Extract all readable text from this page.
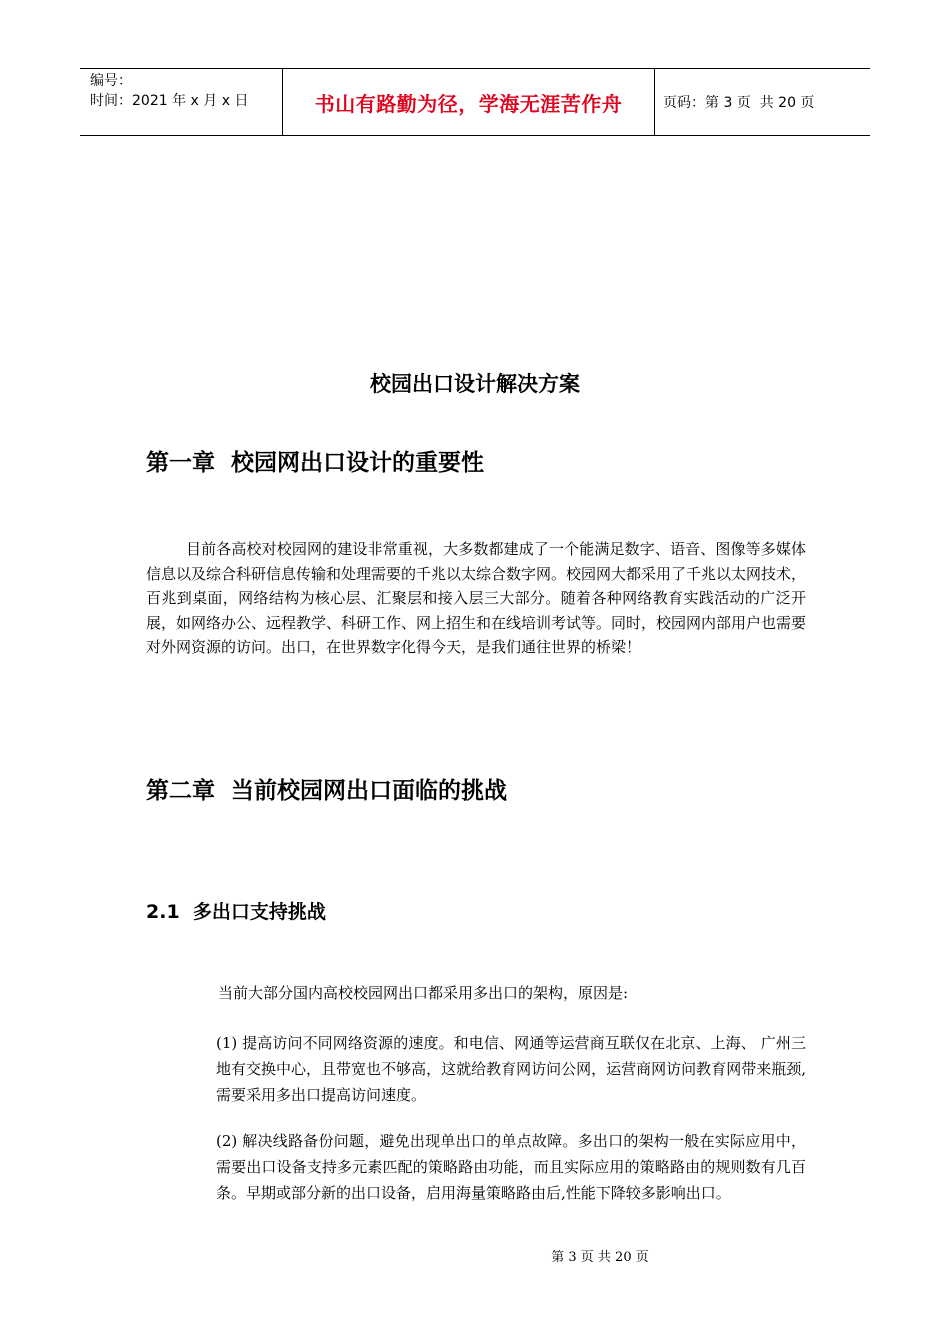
编号：
时间：2021 年 x 月 x 日	书山有路勤为径，学海无涯苦作舟	页码：第 3 页  共 20 页
校园出口设计解决方案
第一章  校园网出口设计的重要性
目前各高校对校园网的建设非常重视，大多数都建成了一个能满足数字、语音、图像等多媒体信息以及综合科研信息传输和处理需要的千兆以太综合数字网。校园网大都采用了千兆以太网技术，百兆到桌面，网络结构为核心层、汇聚层和接入层三大部分。随着各种网络教育实践活动的广泛开展，如网络办公、远程教学、科研工作、网上招生和在线培训考试等。同时，校园网内部用户也需要对外网资源的访问。出口，在世界数字化得今天，是我们通往世界的桥梁！
第二章  当前校园网出口面临的挑战
2.1  多出口支持挑战
当前大部分国内高校校园网出口都采用多出口的架构，原因是:
(1) 提高访问不同网络资源的速度。和电信、网通等运营商互联仅在北京、上海、 广州三地有交换中心，且带宽也不够高，这就给教育网访问公网，运营商网访问教育网带来瓶颈,需要采用多出口提高访问速度。
(2) 解决线路备份问题，避免出现单出口的单点故障。多出口的架构一般在实际应用中，需要出口设备支持多元素匹配的策略路由功能，而且实际应用的策略路由的规则数有几百条。早期或部分新的出口设备，启用海量策略路由后,性能下降较多影响出口。
第 3 页 共 20 页
